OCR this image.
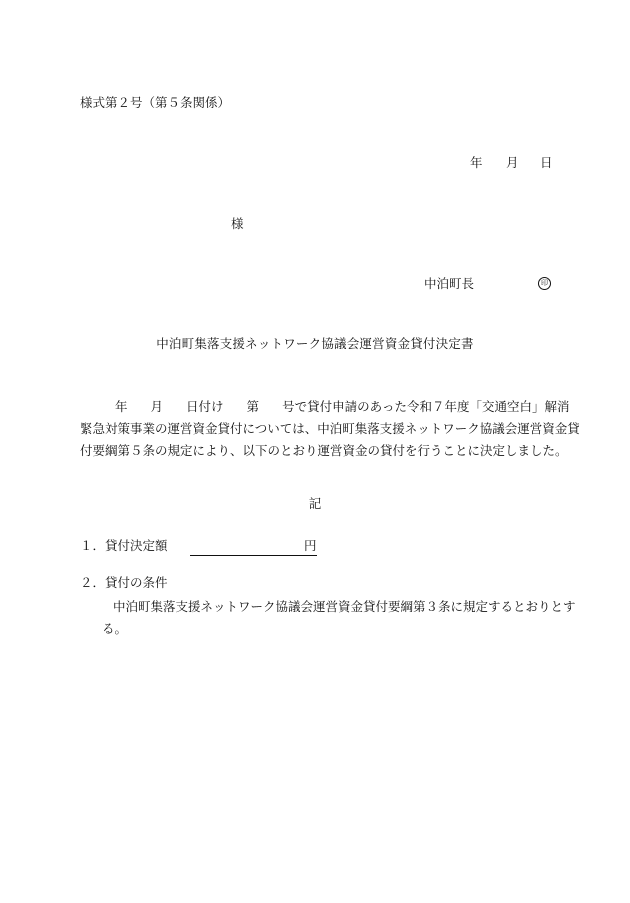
様式第２号（第５条関係）
年 月 日
様
中泊町長	印
中泊町集落支援ネットワーク協議会運営資金貸付決定書
年 月 日付け 第 号で貸付申請のあった令和７年度「交通空白」解消
緊急対策事業の運営資金貸付については、中泊町集落支援ネットワーク協議会運営資金貸
付要綱第５条の規定により、以下のとおり運営資金の貸付を行うことに決定しました。
記
１．貸付決定額	円
２．貸付の条件
中泊町集落支援ネットワーク協議会運営資金貸付要綱第３条に規定するとおりとす
る。
